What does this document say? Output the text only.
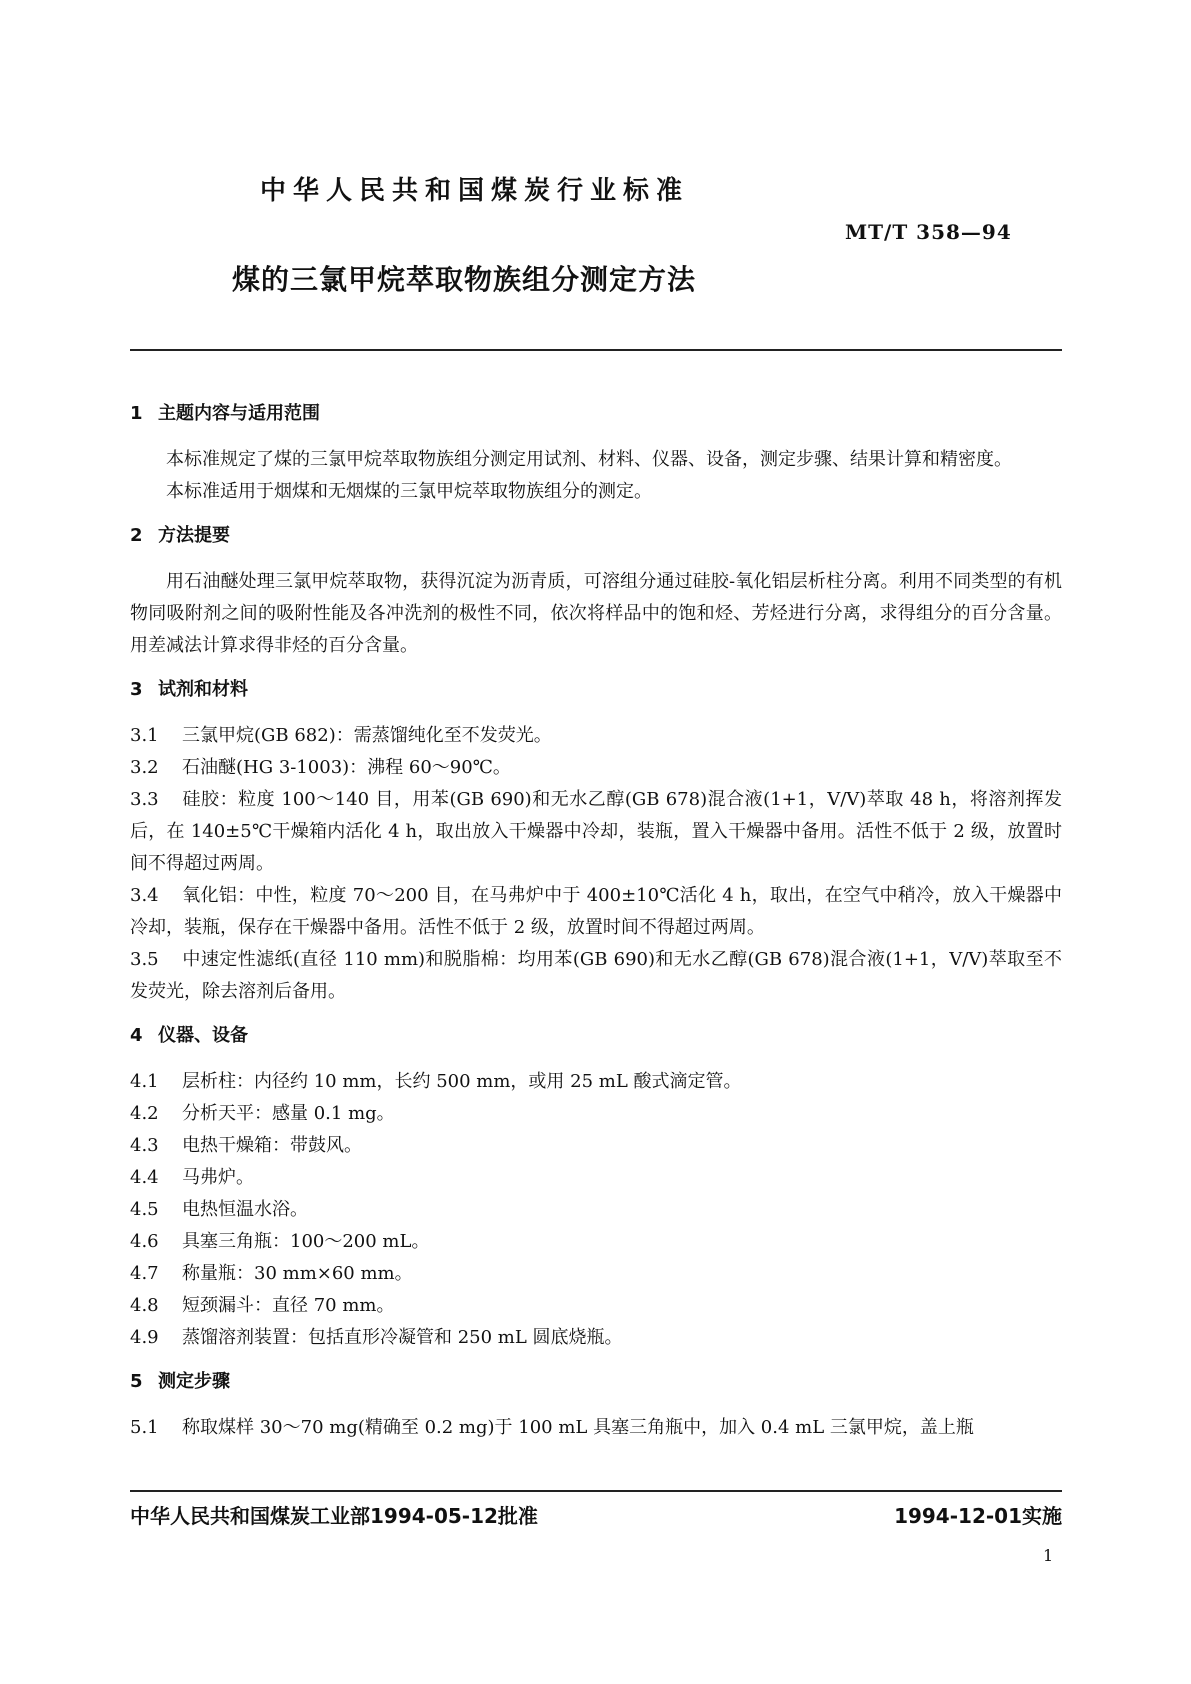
中华人民共和国煤炭行业标准
MT/T 358—94
煤的三氯甲烷萃取物族组分测定方法
1 主题内容与适用范围

本标准规定了煤的三氯甲烷萃取物族组分测定用试剂、材料、仪器、设备，测定步骤、结果计算和精密度。

本标准适用于烟煤和无烟煤的三氯甲烷萃取物族组分的测定。

2 方法提要

用石油醚处理三氯甲烷萃取物，获得沉淀为沥青质，可溶组分通过硅胶-氧化铝层析柱分离。利用不同类型的有机物同吸附剂之间的吸附性能及各冲洗剂的极性不同，依次将样品中的饱和烃、芳烃进行分离，求得组分的百分含量。用差减法计算求得非烃的百分含量。

3 试剂和材料

3.1 三氯甲烷(GB 682)：需蒸馏纯化至不发荧光。

3.2 石油醚(HG 3-1003)：沸程 60～90℃。

3.3 硅胶：粒度 100～140 目，用苯(GB 690)和无水乙醇(GB 678)混合液(1+1，V/V)萃取 48 h，将溶剂挥发后，在 140±5℃干燥箱内活化 4 h，取出放入干燥器中冷却，装瓶，置入干燥器中备用。活性不低于 2 级，放置时间不得超过两周。

3.4 氧化铝：中性，粒度 70～200 目，在马弗炉中于 400±10℃活化 4 h，取出，在空气中稍冷，放入干燥器中冷却，装瓶，保存在干燥器中备用。活性不低于 2 级，放置时间不得超过两周。

3.5 中速定性滤纸(直径 110 mm)和脱脂棉：均用苯(GB 690)和无水乙醇(GB 678)混合液(1+1，V/V)萃取至不发荧光，除去溶剂后备用。

4 仪器、设备

4.1 层析柱：内径约 10 mm，长约 500 mm，或用 25 mL 酸式滴定管。

4.2 分析天平：感量 0.1 mg。

4.3 电热干燥箱：带鼓风。

4.4 马弗炉。

4.5 电热恒温水浴。

4.6 具塞三角瓶：100～200 mL。

4.7 称量瓶：30 mm×60 mm。

4.8 短颈漏斗：直径 70 mm。

4.9 蒸馏溶剂装置：包括直形冷凝管和 250 mL 圆底烧瓶。

5 测定步骤

5.1 称取煤样 30～70 mg(精确至 0.2 mg)于 100 mL 具塞三角瓶中，加入 0.4 mL 三氯甲烷，盖上瓶

中华人民共和国煤炭工业部1994-05-12批准	1994-12-01实施
1
